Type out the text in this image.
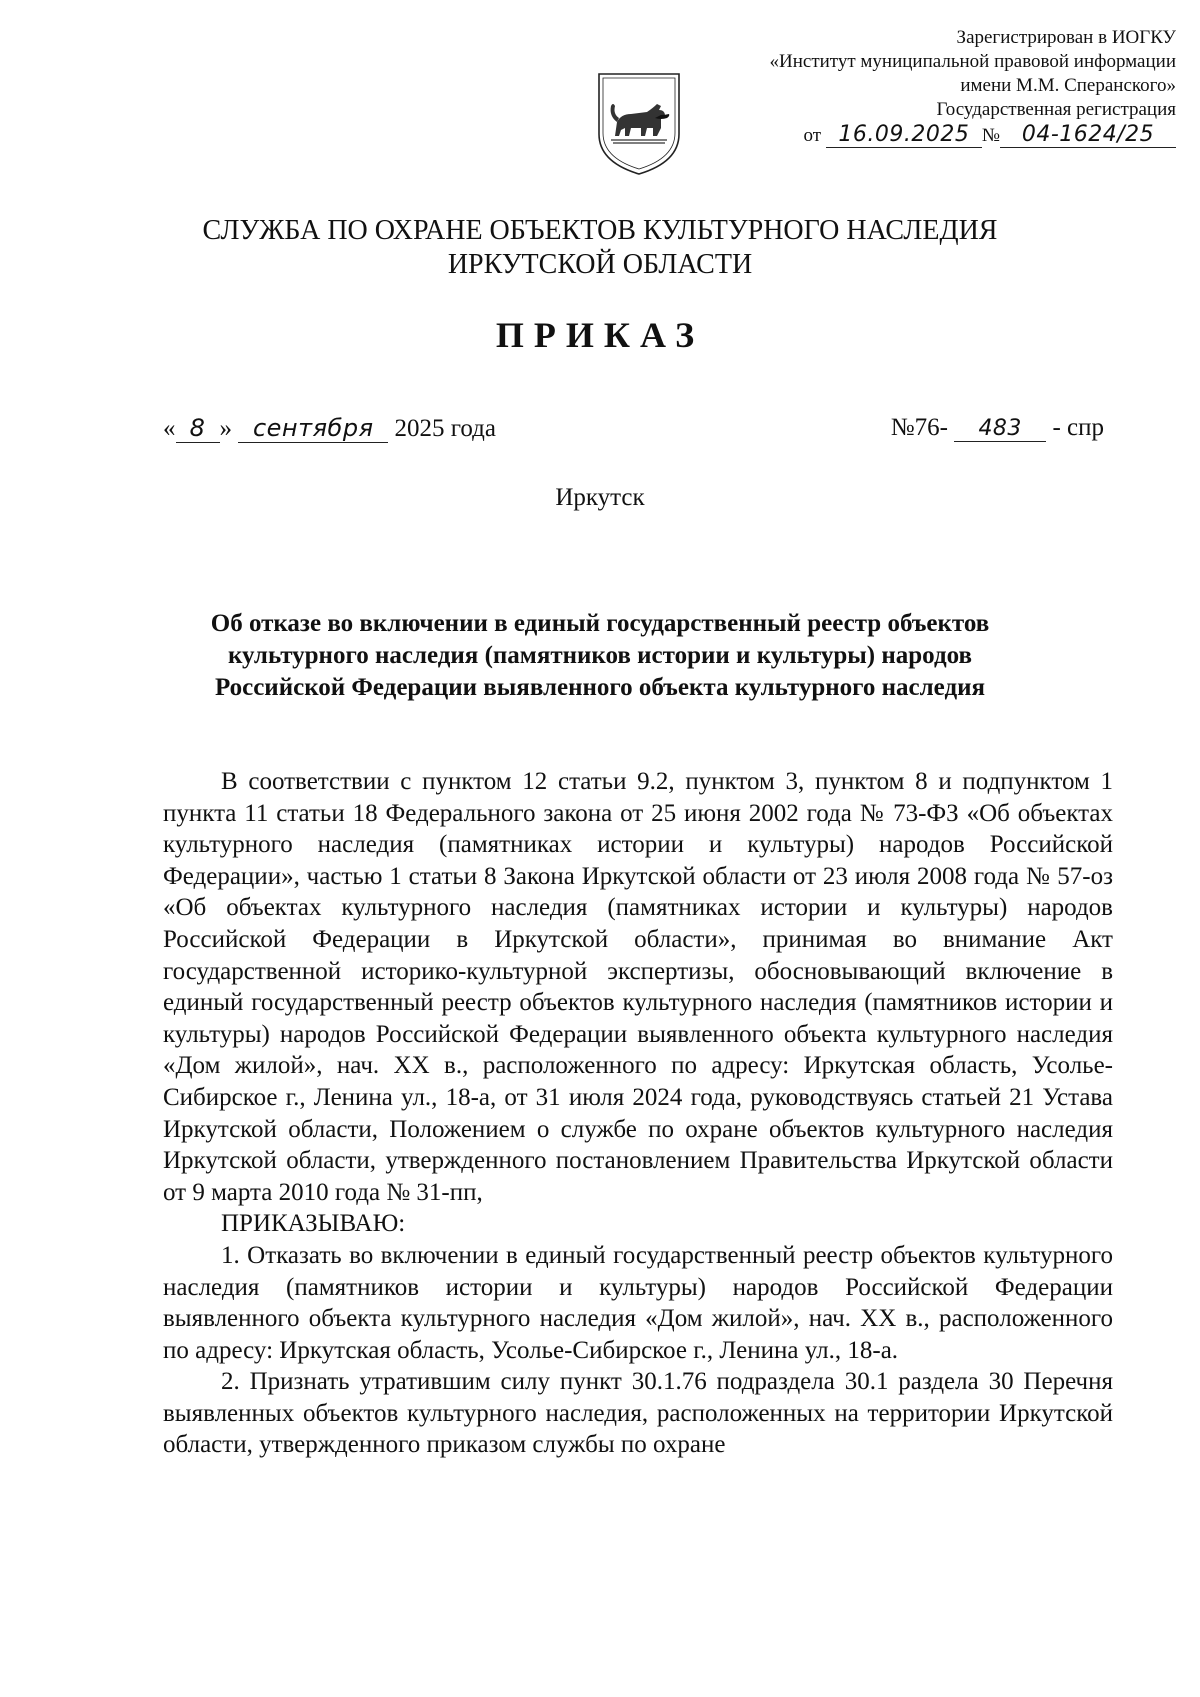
Зарегистрирован в ИОГКУ
«Институт муниципальной правовой информации
имени М.М. Сперанского»
Государственная регистрация
от 16.09.2025 № 04-1624/25
СЛУЖБА ПО ОХРАНЕ ОБЪЕКТОВ КУЛЬТУРНОГО НАСЛЕДИЯ
ИРКУТСКОЙ ОБЛАСТИ
ПРИКАЗ
« 8 » сентября 2025 года	№76- 483 - спр
Иркутск
Об отказе во включении в единый государственный реестр объектов
культурного наследия (памятников истории и культуры) народов
Российской Федерации выявленного объекта культурного наследия

В соответствии с пунктом 12 статьи 9.2, пунктом 3, пунктом 8 и подпунктом 1 пункта 11 статьи 18 Федерального закона от 25 июня 2002 года № 73-ФЗ «Об объектах культурного наследия (памятниках истории и культуры) народов Российской Федерации», частью 1 статьи 8 Закона Иркутской области от 23 июля 2008 года № 57-оз «Об объектах культурного наследия (памятниках истории и культуры) народов Российской Федерации в Иркутской области», принимая во внимание Акт государственной историко-культурной экспертизы, обосновывающий включение в единый государственный реестр объектов культурного наследия (памятников истории и культуры) народов Российской Федерации выявленного объекта культурного наследия «Дом жилой», нач. XX в., расположенного по адресу: Иркутская область, Усолье-Сибирское г., Ленина ул., 18-а, от 31 июля 2024 года, руководствуясь статьей 21 Устава Иркутской области, Положением о службе по охране объектов культурного наследия Иркутской области, утвержденного постановлением Правительства Иркутской области от 9 марта 2010 года № 31-пп,

ПРИКАЗЫВАЮ:

1. Отказать во включении в единый государственный реестр объектов культурного наследия (памятников истории и культуры) народов Российской Федерации выявленного объекта культурного наследия «Дом жилой», нач. XX в., расположенного по адресу: Иркутская область, Усолье-Сибирское г., Ленина ул., 18-а.

2. Признать утратившим силу пункт 30.1.76 подраздела 30.1 раздела 30 Перечня выявленных объектов культурного наследия, расположенных на территории Иркутской области, утвержденного приказом службы по охране
